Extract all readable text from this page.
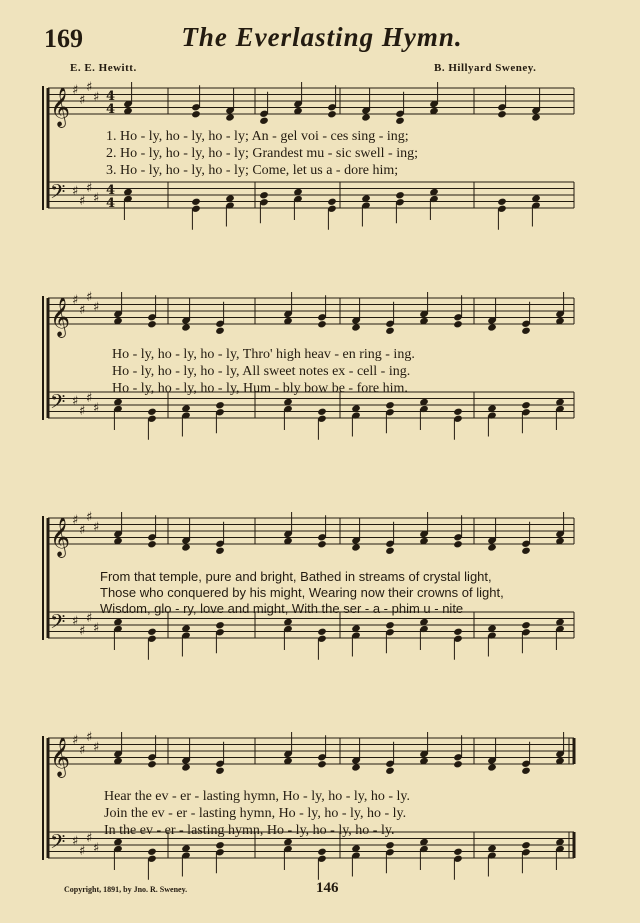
169	The Everlasting Hymn.
E. E. Hewitt.	B. Hillyard Sweney.
𝄞 ♯
♯
♯
♯ 4
4
𝄢 ♯
♯
♯
♯
4
4
1. Ho - ly, ho - ly, ho - ly; An - gel voi - ces sing - ing;
2. Ho - ly, ho - ly, ho - ly; Grandest mu - sic swell - ing;
3. Ho - ly, ho - ly, ho - ly; Come, let us a - dore him;
𝄞 ♯
♯
♯
♯
𝄢 ♯
♯
♯
♯
Ho - ly, ho - ly, ho - ly, Thro' high heav - en ring - ing.
Ho - ly, ho - ly, ho - ly, All sweet notes ex - cell - ing.
Ho - ly, ho - ly, ho - ly, Hum - bly bow be - fore him.
𝄞 ♯
♯
♯
♯
𝄢 ♯
♯
♯
♯
From that temple, pure and bright, Bathed in streams of crystal light,
Those who conquered by his might, Wearing now their crowns of light,
Wisdom, glo - ry, love and might, With the ser - a - phim u - nite
𝄞 ♯
♯
♯
♯
𝄢 ♯
♯
♯
♯
Hear the ev - er - lasting hymn, Ho - ly, ho - ly, ho - ly.
Join the ev - er - lasting hymn, Ho - ly, ho - ly, ho - ly.
In the ev - er - lasting hymn, Ho - ly, ho - ly, ho - ly.
Copyright, 1891, by Jno. R. Sweney.	146
